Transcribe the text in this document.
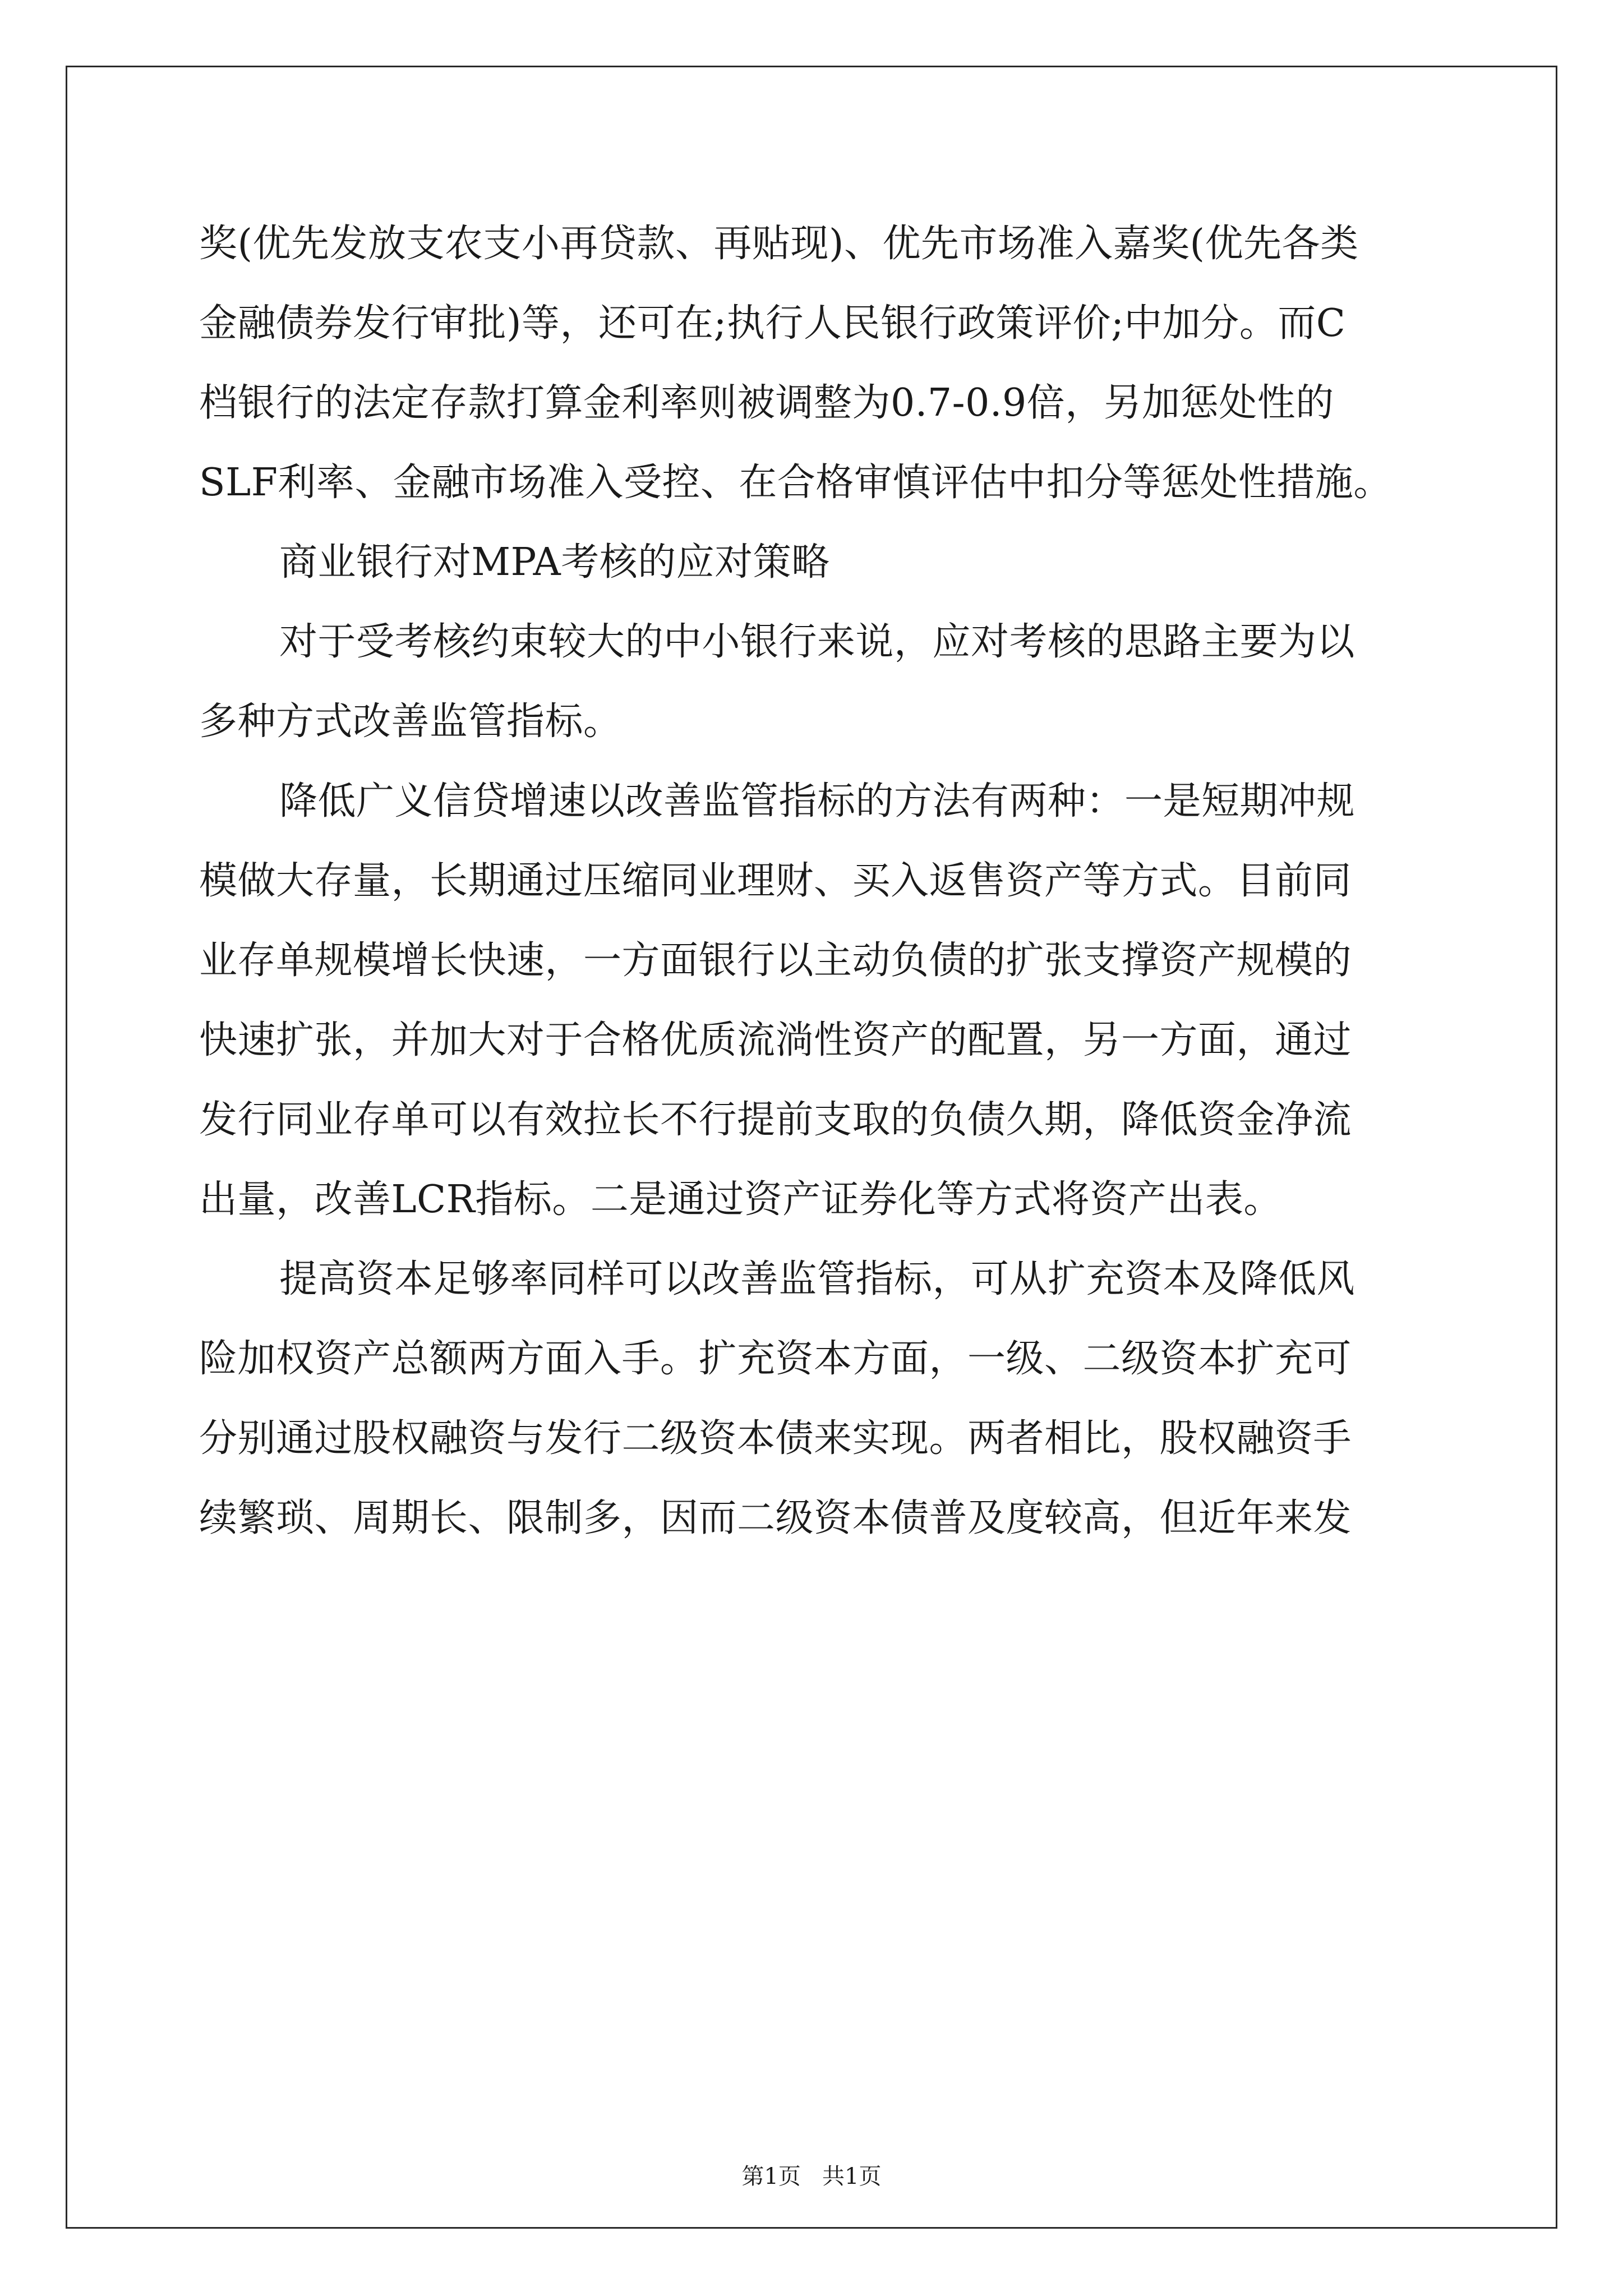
奖(优先发放支农支小再贷款、再贴现)、优先市场准入嘉奖(优先各类
金融债券发行审批)等，还可在;执行人民银行政策评价;中加分。而C
档银行的法定存款打算金利率则被调整为0.7-0.9倍，另加惩处性的
SLF利率、金融市场准入受控、在合格审慎评估中扣分等惩处性措施。
商业银行对MPA考核的应对策略
对于受考核约束较大的中小银行来说，应对考核的思路主要为以
多种方式改善监管指标。
降低广义信贷增速以改善监管指标的方法有两种：一是短期冲规
模做大存量，长期通过压缩同业理财、买入返售资产等方式。目前同
业存单规模增长快速，一方面银行以主动负债的扩张支撑资产规模的
快速扩张，并加大对于合格优质流淌性资产的配置，另一方面，通过
发行同业存单可以有效拉长不行提前支取的负债久期，降低资金净流
出量，改善LCR指标。二是通过资产证券化等方式将资产出表。
提高资本足够率同样可以改善监管指标，可从扩充资本及降低风
险加权资产总额两方面入手。扩充资本方面，一级、二级资本扩充可
分别通过股权融资与发行二级资本债来实现。两者相比，股权融资手
续繁琐、周期长、限制多，因而二级资本债普及度较高，但近年来发
第1页   共1页
